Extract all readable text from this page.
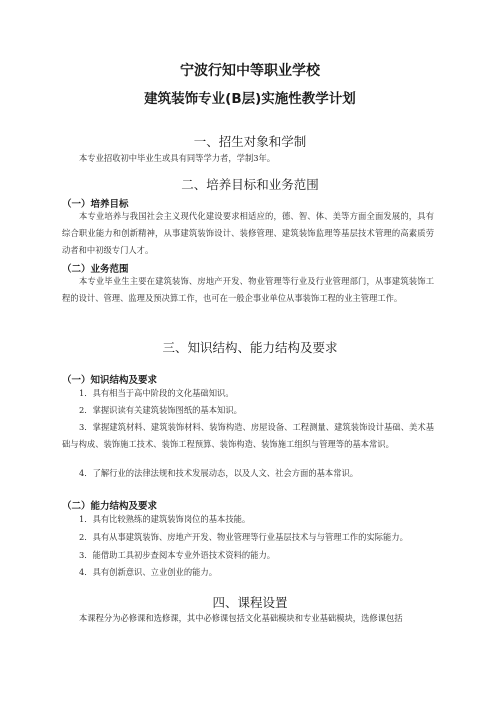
宁波行知中等职业学校
建筑装饰专业(B层)实施性教学计划
一、招生对象和学制

本专业招收初中毕业生或具有同等学力者，学制3年。

二、培养目标和业务范围
（一）培养目标

本专业培养与我国社会主义现代化建设要求相适应的，德、智、体、美等方面全面发展的，具有综合职业能力和创新精神，从事建筑装饰设计、装修管理、建筑装饰监理等基层技术管理的高素质劳动者和中初级专门人才。

（二）业务范围

本专业毕业生主要在建筑装饰、房地产开发、物业管理等行业及行业管理部门，从事建筑装饰工程的设计、管理、监理及预决算工作，也可在一般企事业单位从事装饰工程的业主管理工作。

三、知识结构、能力结构及要求
（一）知识结构及要求

1．具有相当于高中阶段的文化基础知识。

2．掌握识读有关建筑装饰图纸的基本知识。

3．掌握建筑材料、建筑装饰材料、装饰构造、房屋设备、工程测量、建筑装饰设计基础、美术基础与构成、装饰施工技术、装饰工程预算、装饰构造、装饰施工组织与管理等的基本常识。

4．了解行业的法律法规和技术发展动态，以及人文、社会方面的基本常识。

（二）能力结构及要求

1．具有比较熟练的建筑装饰岗位的基本技能。

2．具有从事建筑装饰、房地产开发、物业管理等行业基层技术与与管理工作的实际能力。

3．能借助工具初步查阅本专业外语技术资料的能力。

4．具有创新意识、立业创业的能力。

四、课程设置

本课程分为必修课和选修课，其中必修课包括文化基础模块和专业基础模块，选修课包括
